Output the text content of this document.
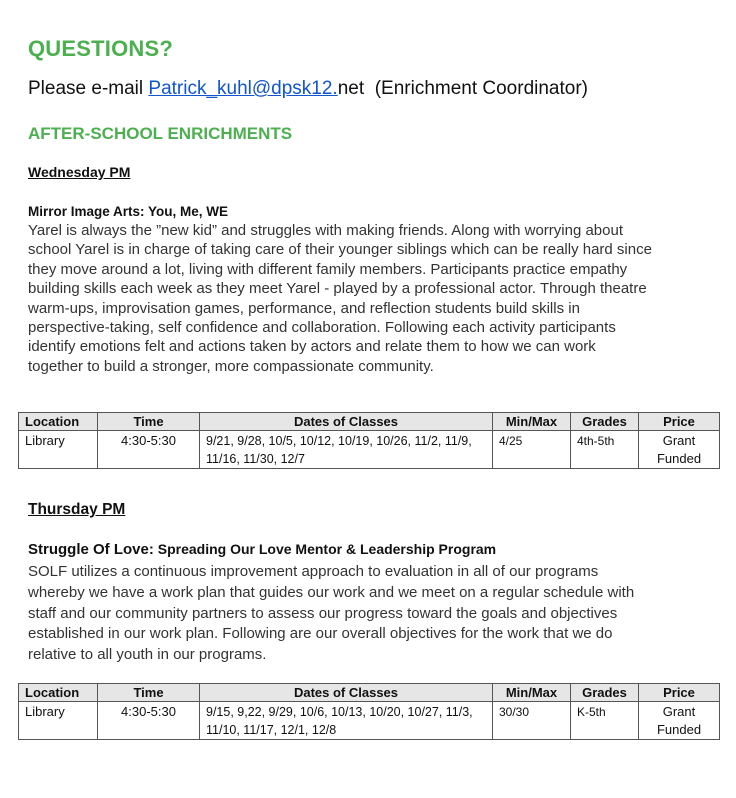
QUESTIONS?
Please e-mail Patrick_kuhl@dpsk12.net  (Enrichment Coordinator)
AFTER-SCHOOL ENRICHMENTS
Wednesday PM
Mirror Image Arts: You, Me, WE

Yarel is always the ”new kid” and struggles with making friends. Along with worrying about school Yarel is in charge of taking care of their younger siblings which can be really hard since they move around a lot, living with different family members. Participants practice empathy building skills each week as they meet Yarel - played by a professional actor. Through theatre warm-ups, improvisation games, performance, and reflection students build skills in perspective-taking, self confidence and collaboration. Following each activity participants identify emotions felt and actions taken by actors and relate them to how we can work together to build a stronger, more compassionate community.

Location	Time	Dates of Classes	Min/Max	Grades	Price
Library	4:30-5:30	9/21, 9/28, 10/5, 10/12, 10/19, 10/26, 11/2, 11/9, 11/16, 11/30, 12/7	4/25	4th-5th	Grant Funded
Thursday PM
Struggle Of Love: Spreading Our Love Mentor & Leadership Program

SOLF utilizes a continuous improvement approach to evaluation in all of our programs whereby we have a work plan that guides our work and we meet on a regular schedule with staff and our community partners to assess our progress toward the goals and objectives established in our work plan. Following are our overall objectives for the work that we do relative to all youth in our programs.

Location	Time	Dates of Classes	Min/Max	Grades	Price
Library	4:30-5:30	9/15, 9,22, 9/29, 10/6, 10/13, 10/20, 10/27, 11/3, 11/10, 11/17, 12/1, 12/8	30/30	K-5th	Grant Funded
